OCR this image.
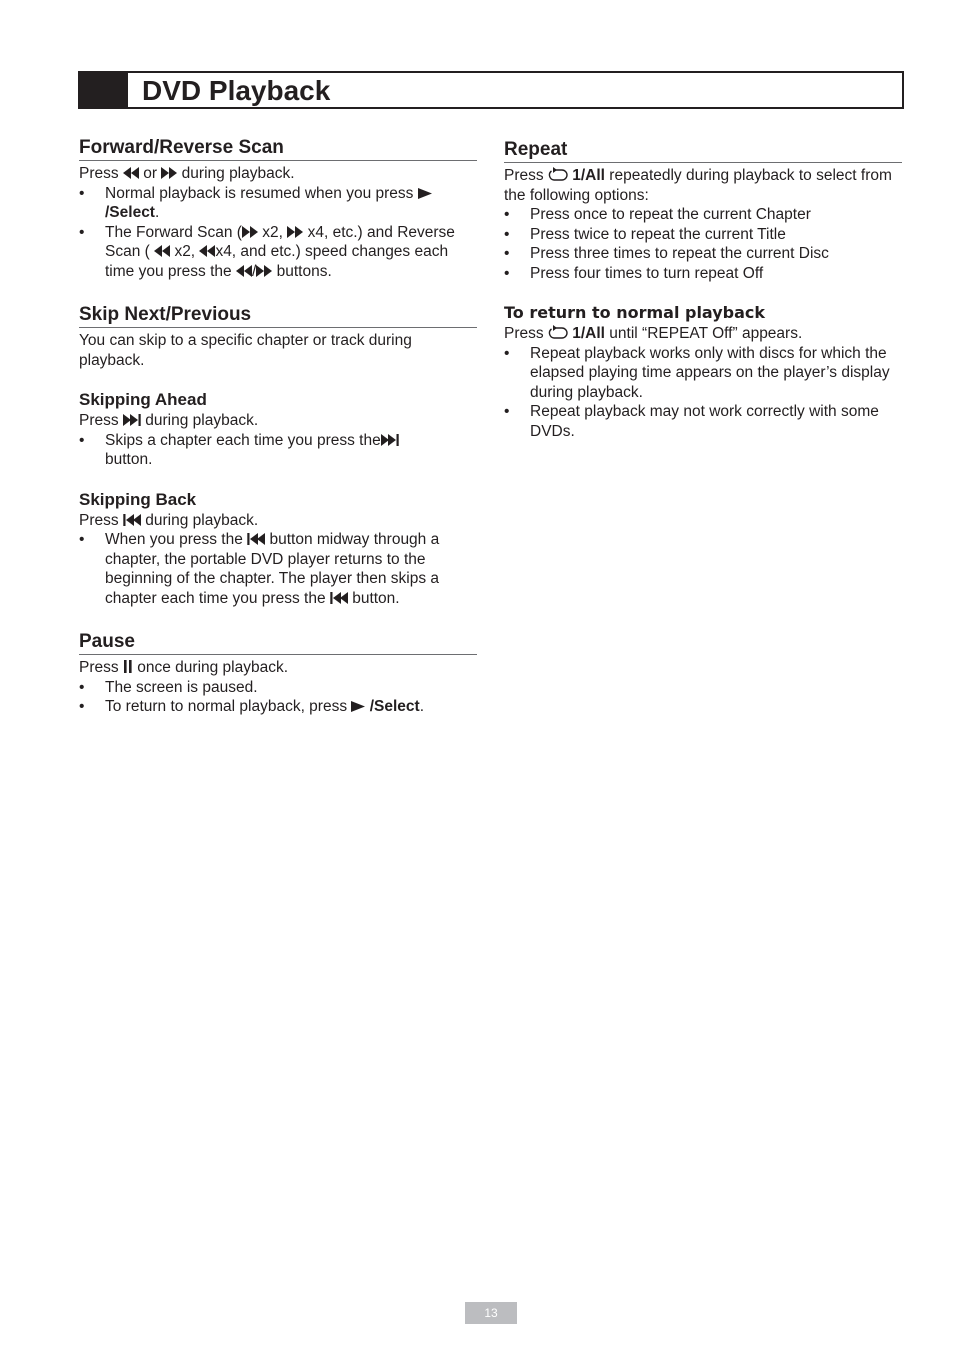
DVD Playback
Forward/Reverse Scan

Press or during playback.

• Normal playback is resumed when you press
/Select.
• The Forward Scan ( x2, x4, etc.) and Reverse Scan ( x2, x4, and etc.) speed changes each time you press the / buttons.
Skip Next/Previous

You can skip to a specific chapter or track during playback.

Skipping Ahead

Press during playback.

• Skips a chapter each time you press the
button.
Skipping Back

Press during playback.

• When you press the button midway through a chapter, the portable DVD player returns to the beginning of the chapter. The player then skips a chapter each time you press the button.
Pause

Press once during playback.

• The screen is paused.
• To return to normal playback, press /Select.
Repeat

Press 1/All repeatedly during playback to select from the following options:

• Press once to repeat the current Chapter
• Press twice to repeat the current Title
• Press three times to repeat the current Disc
• Press four times to turn repeat Off
To return to normal playback

Press 1/All until “REPEAT Off” appears.

• Repeat playback works only with discs for which the elapsed playing time appears on the player’s display during playback.
• Repeat playback may not work correctly with some DVDs.
13
